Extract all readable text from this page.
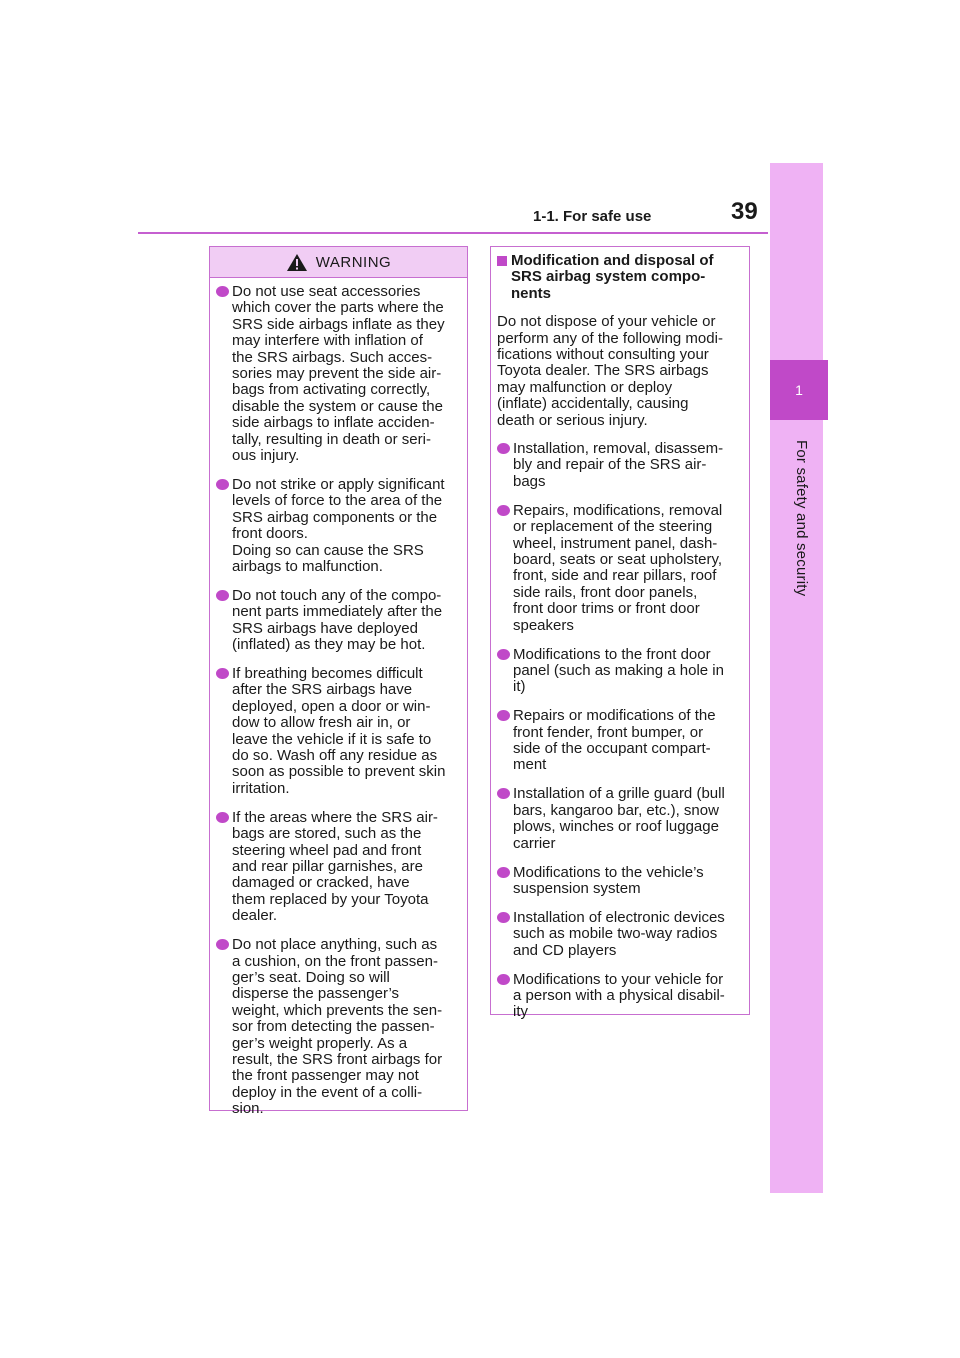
1-1. For safe use	39
1
For safety and security
WARNING
Do not use seat accessories
which cover the parts where the
SRS side airbags inflate as they
may interfere with inflation of
the SRS airbags. Such acces-
sories may prevent the side air-
bags from activating correctly,
disable the system or cause the
side airbags to inflate acciden-
tally, resulting in death or seri-
ous injury.
Do not strike or apply significant
levels of force to the area of the
SRS airbag components or the
front doors.
Doing so can cause the SRS
airbags to malfunction.
Do not touch any of the compo-
nent parts immediately after the
SRS airbags have deployed
(inflated) as they may be hot.
If breathing becomes difficult
after the SRS airbags have
deployed, open a door or win-
dow to allow fresh air in, or
leave the vehicle if it is safe to
do so. Wash off any residue as
soon as possible to prevent skin
irritation.
If the areas where the SRS air-
bags are stored, such as the
steering wheel pad and front
and rear pillar garnishes, are
damaged or cracked, have
them replaced by your Toyota
dealer.
Do not place anything, such as
a cushion, on the front passen-
ger’s seat. Doing so will
disperse the passenger’s
weight, which prevents the sen-
sor from detecting the passen-
ger’s weight properly. As a
result, the SRS front airbags for
the front passenger may not
deploy in the event of a colli-
sion.
Modification and disposal of
SRS airbag system compo-
nents
Do not dispose of your vehicle or
perform any of the following modi-
fications without consulting your
Toyota dealer. The SRS airbags
may malfunction or deploy
(inflate) accidentally, causing
death or serious injury.
Installation, removal, disassem-
bly and repair of the SRS air-
bags
Repairs, modifications, removal
or replacement of the steering
wheel, instrument panel, dash-
board, seats or seat upholstery,
front, side and rear pillars, roof
side rails, front door panels,
front door trims or front door
speakers
Modifications to the front door
panel (such as making a hole in
it)
Repairs or modifications of the
front fender, front bumper, or
side of the occupant compart-
ment
Installation of a grille guard (bull
bars, kangaroo bar, etc.), snow
plows, winches or roof luggage
carrier
Modifications to the vehicle’s
suspension system
Installation of electronic devices
such as mobile two-way radios
and CD players
Modifications to your vehicle for
a person with a physical disabil-
ity
